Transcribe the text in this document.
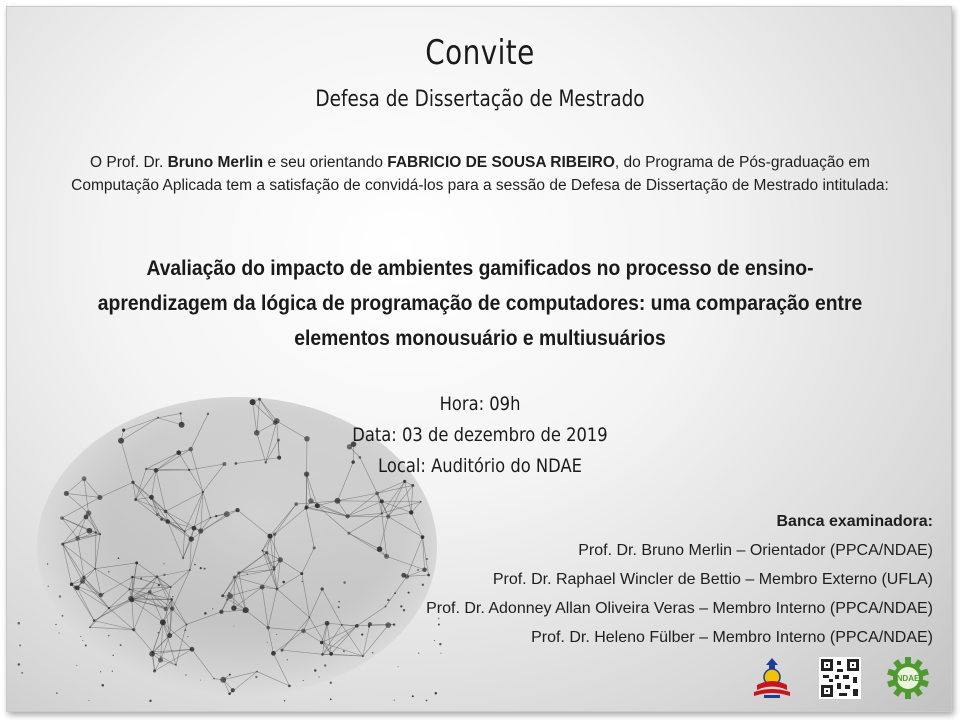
Convite
Defesa de Dissertação de Mestrado
O Prof. Dr. Bruno Merlin e seu orientando FABRICIO DE SOUSA RIBEIRO, do Programa de Pós-graduação em Computação Aplicada tem a satisfação de convidá-los para a sessão de Defesa de Dissertação de Mestrado intitulada:
Avaliação do impacto de ambientes gamificados no processo de ensino-aprendizagem da lógica de programação de computadores: uma comparação entre elementos monousuário e multiusuários
Hora: 09h
Data: 03 de dezembro de 2019
Local: Auditório do NDAE
Banca examinadora:
Prof. Dr. Bruno Merlin – Orientador (PPCA/NDAE)
Prof. Dr. Raphael Wincler de Bettio – Membro Externo (UFLA)
Prof. Dr. Adonney Allan Oliveira Veras – Membro Interno (PPCA/NDAE)
Prof. Dr. Heleno Fülber – Membro Interno (PPCA/NDAE)
NDAE
